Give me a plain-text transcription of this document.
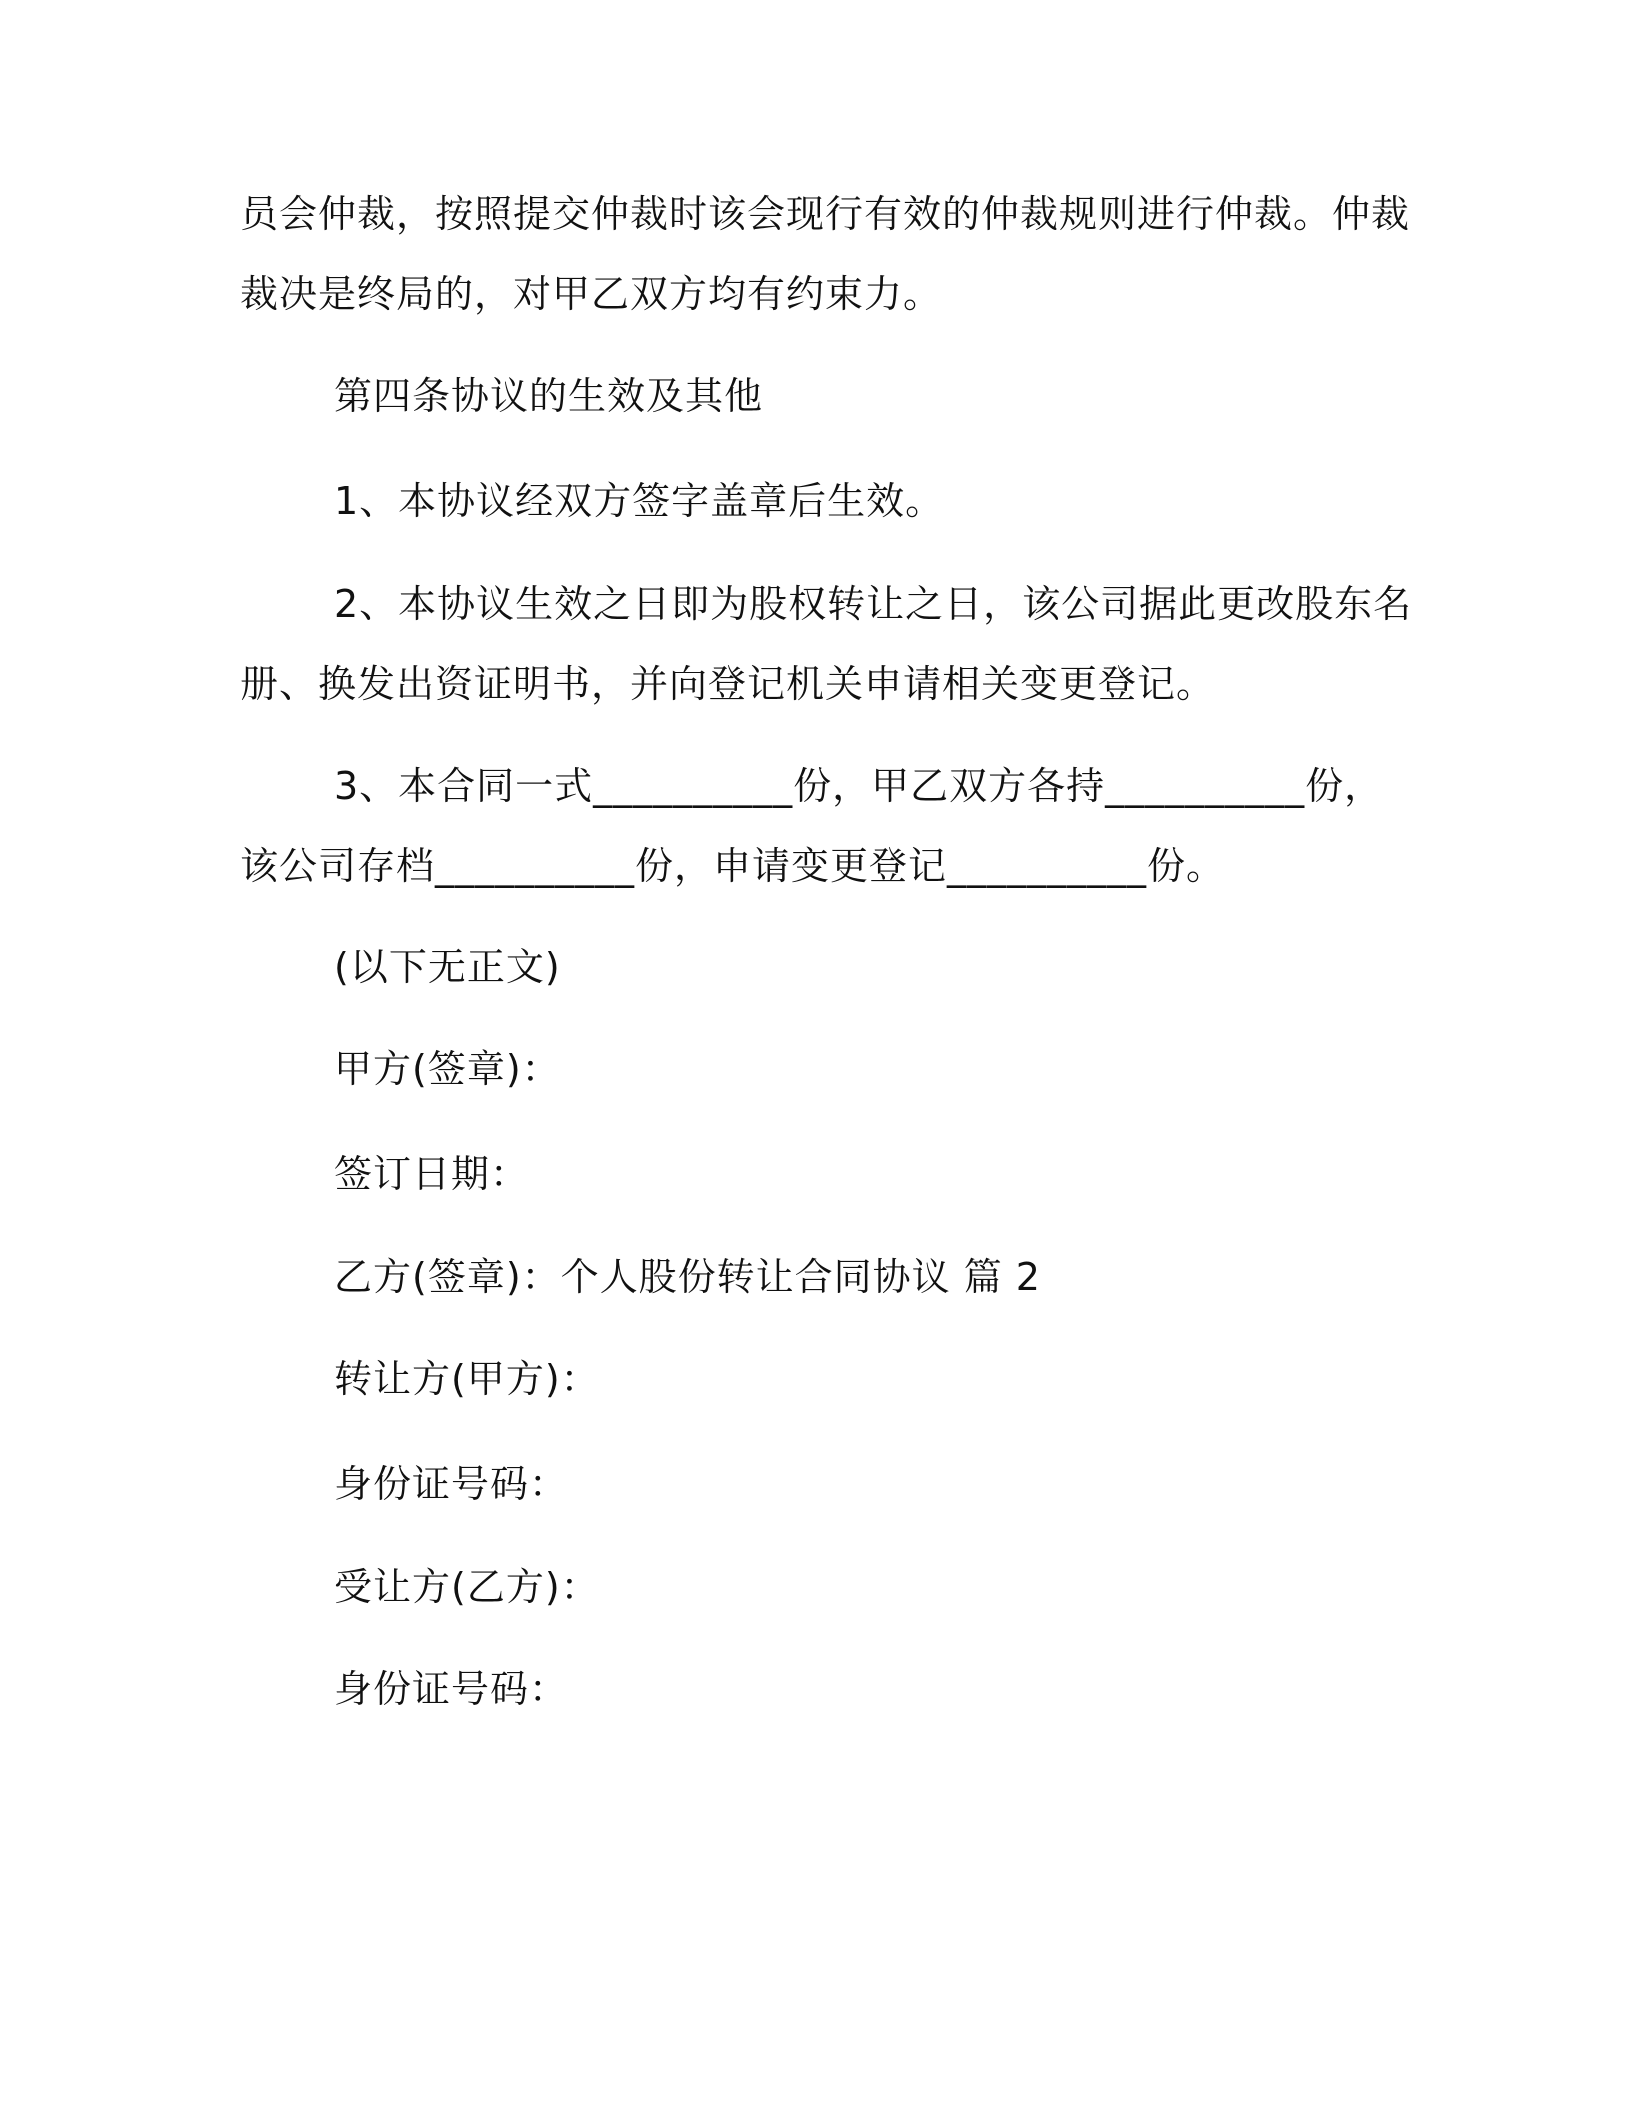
员会仲裁，按照提交仲裁时该会现行有效的仲裁规则进行仲裁。仲裁
裁决是终局的，对甲乙双方均有约束力。
第四条协议的生效及其他
1、本协议经双方签字盖章后生效。
2、本协议生效之日即为股权转让之日，该公司据此更改股东名
册、换发出资证明书，并向登记机关申请相关变更登记。
3、本合同一式__________份，甲乙双方各持__________份，
该公司存档__________份，申请变更登记__________份。
(以下无正文)
甲方(签章)：
签订日期：
乙方(签章)：个人股份转让合同协议 篇 2
转让方(甲方)：
身份证号码：
受让方(乙方)：
身份证号码：
